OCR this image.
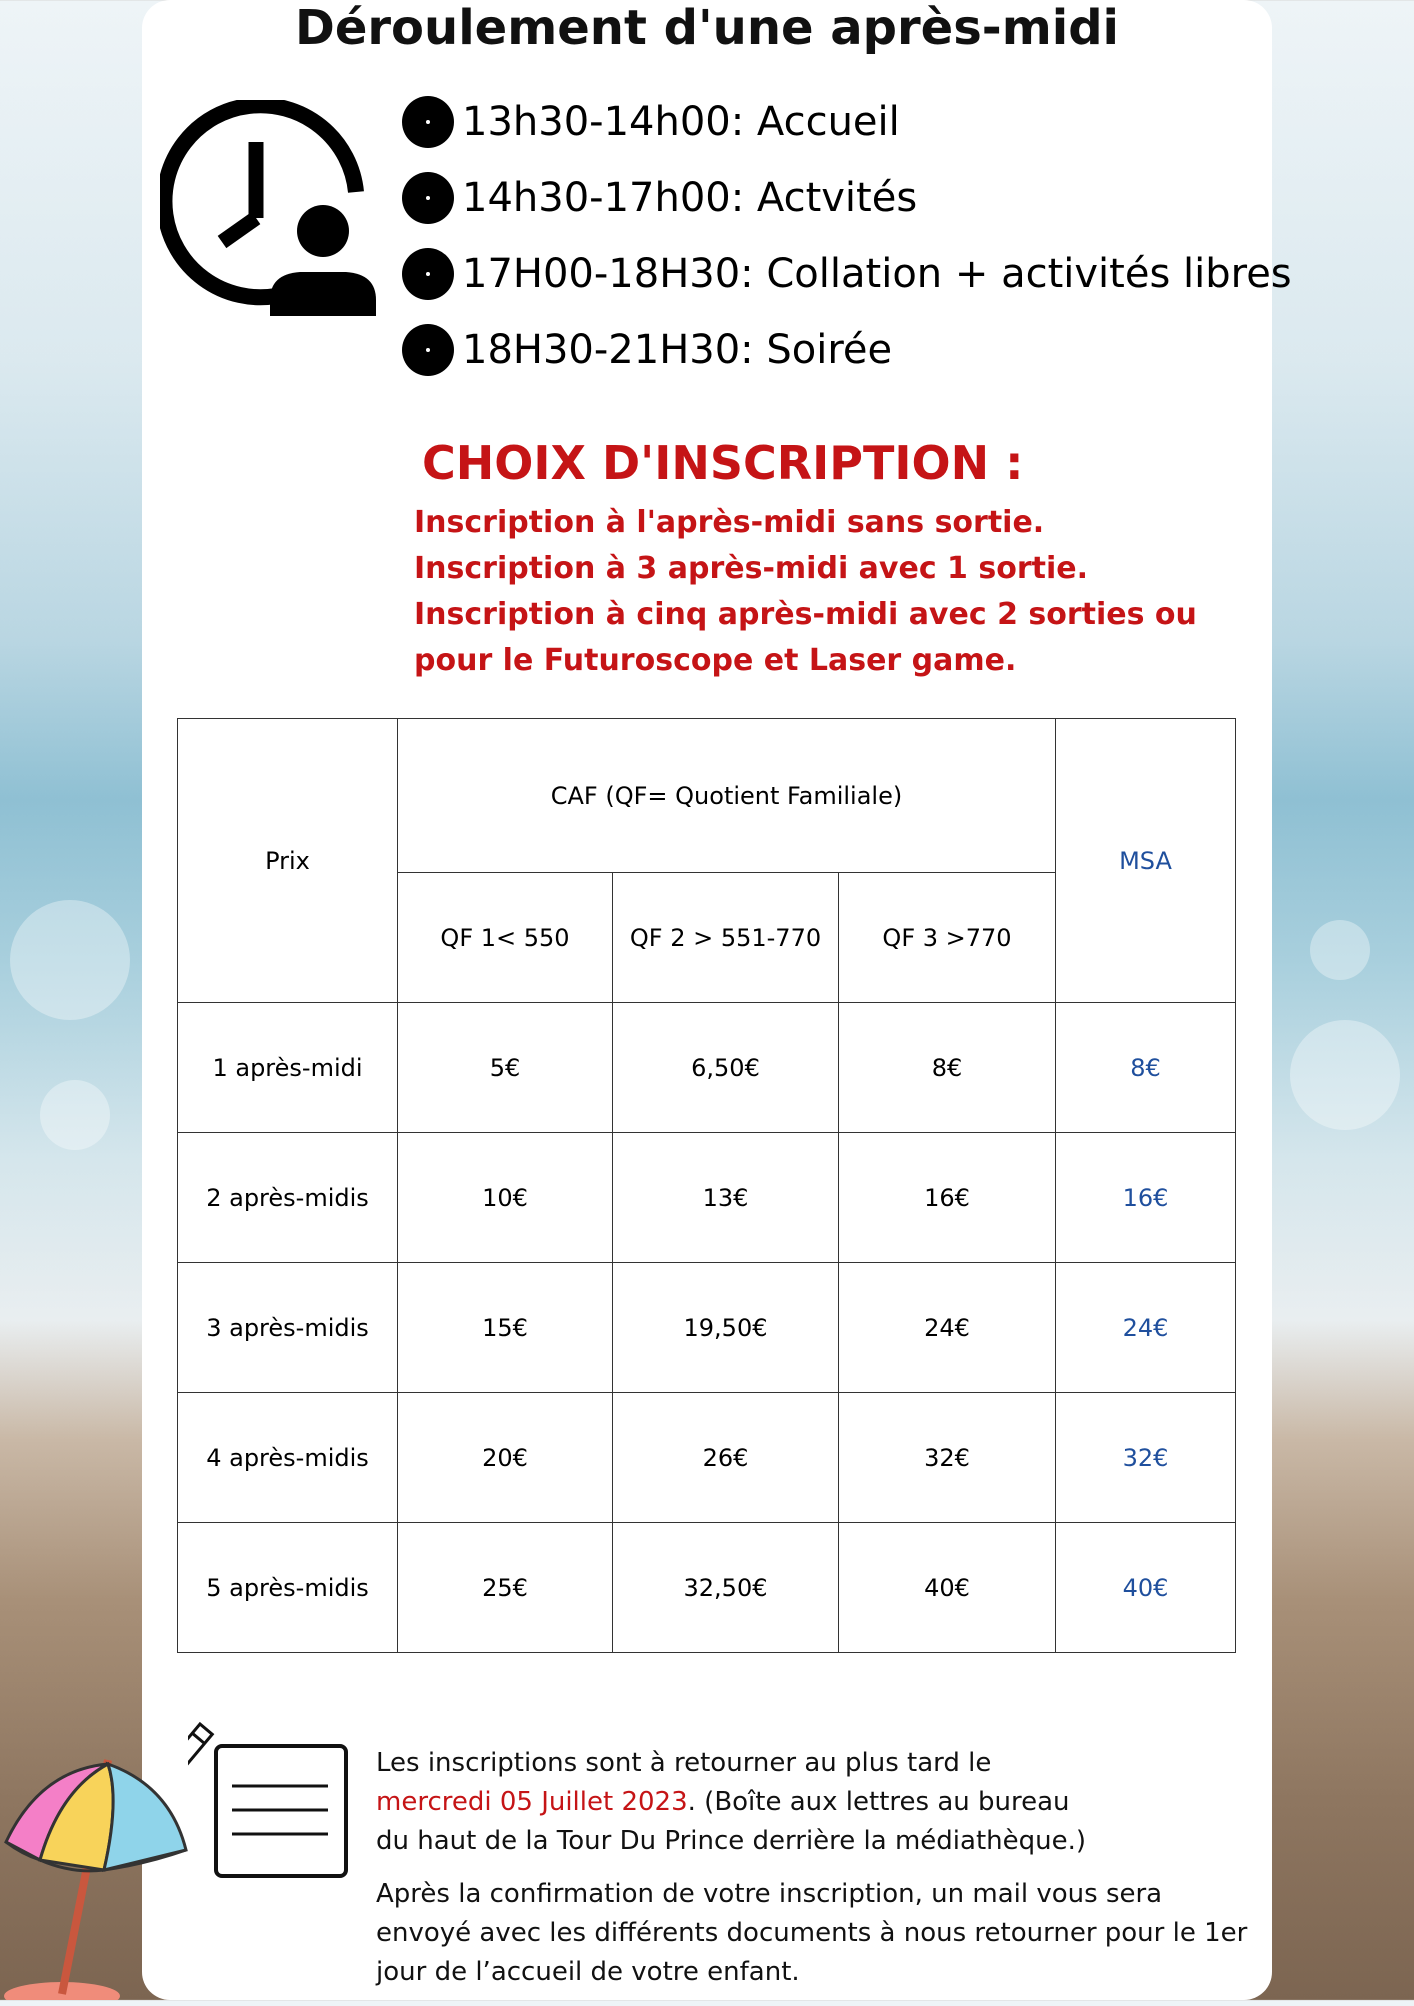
Déroulement d'une après-midi
13h30-14h00: Accueil
14h30-17h00: Actvités
17H00-18H30: Collation + activités libres
18H30-21H30: Soirée
CHOIX D'INSCRIPTION :
Inscription à l'après-midi sans sortie.
Inscription à 3 après-midi avec 1 sortie.
Inscription à cinq après-midi avec 2 sorties ou
pour le Futuroscope et Laser game.
Prix	CAF (QF= Quotient Familiale)			MSA
	QF 1< 550	QF 2 > 551-770	QF 3 >770	
1 après-midi	5€	6,50€	8€	8€
2 après-midis	10€	13€	16€	16€
3 après-midis	15€	19,50€	24€	24€
4 après-midis	20€	26€	32€	32€
5 après-midis	25€	32,50€	40€	40€

Les inscriptions sont à retourner au plus tard le
mercredi 05 Juillet 2023. (Boîte aux lettres au bureau
du haut de la Tour Du Prince derrière la médiathèque.)

Après la confirmation de votre inscription, un mail vous sera envoyé avec les différents documents à nous retourner pour le 1er jour de l’accueil de votre enfant.
